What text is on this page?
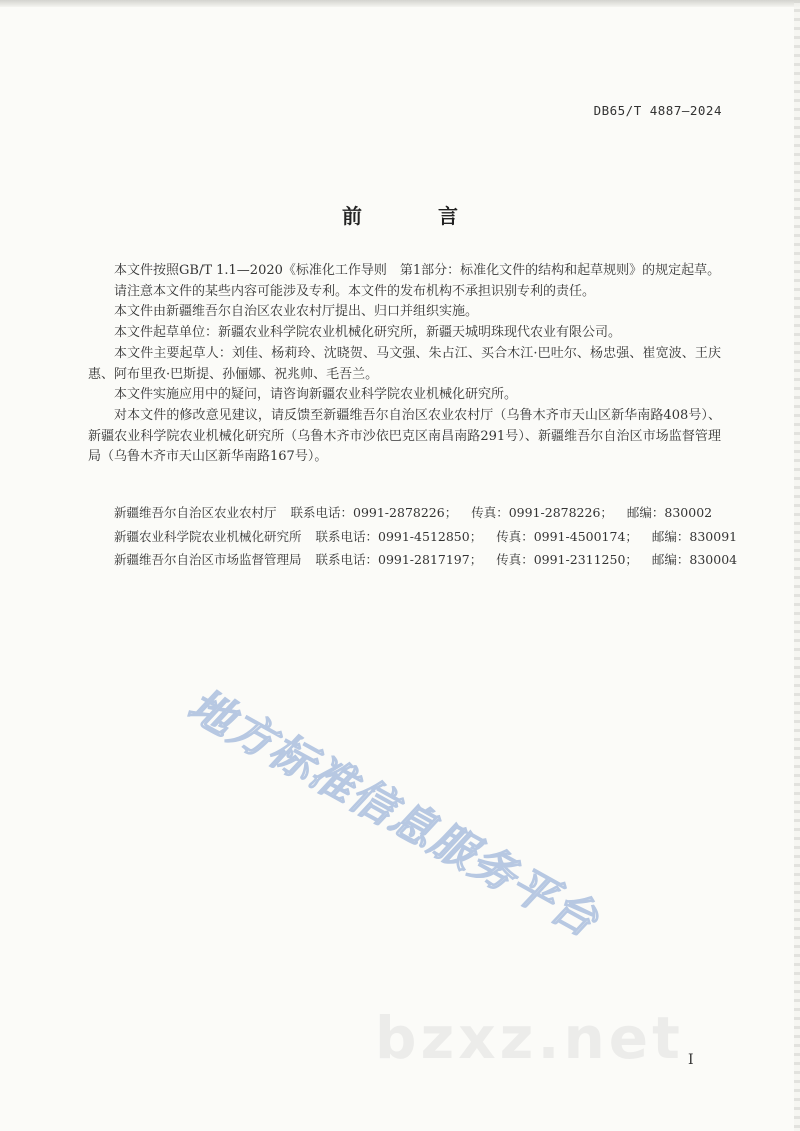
DB65/T 4887—2024
前　言

本文件按照GB/T 1.1—2020《标准化工作导则　第1部分：标准化文件的结构和起草规则》的规定起草。

请注意本文件的某些内容可能涉及专利。本文件的发布机构不承担识别专利的责任。

本文件由新疆维吾尔自治区农业农村厅提出、归口并组织实施。

本文件起草单位：新疆农业科学院农业机械化研究所，新疆天城明珠现代农业有限公司。

本文件主要起草人：刘佳、杨莉玲、沈晓贺、马文强、朱占江、买合木江·巴吐尔、杨忠强、崔宽波、王庆惠、阿布里孜·巴斯提、孙俪娜、祝兆帅、毛吾兰。

本文件实施应用中的疑问，请咨询新疆农业科学院农业机械化研究所。

对本文件的修改意见建议，请反馈至新疆维吾尔自治区农业农村厅（乌鲁木齐市天山区新华南路408号）、新疆农业科学院农业机械化研究所（乌鲁木齐市沙依巴克区南昌南路291号）、新疆维吾尔自治区市场监督管理局（乌鲁木齐市天山区新华南路167号）。

新疆维吾尔自治区农业农村厅 联系电话：0991-2878226； 传真：0991-2878226； 邮编：830002
新疆农业科学院农业机械化研究所 联系电话：0991-4512850； 传真：0991-4500174； 邮编：830091
新疆维吾尔自治区市场监督管理局 联系电话：0991-2817197； 传真：0991-2311250； 邮编：830004
地方标准信息服务平台
bzxz.net I
